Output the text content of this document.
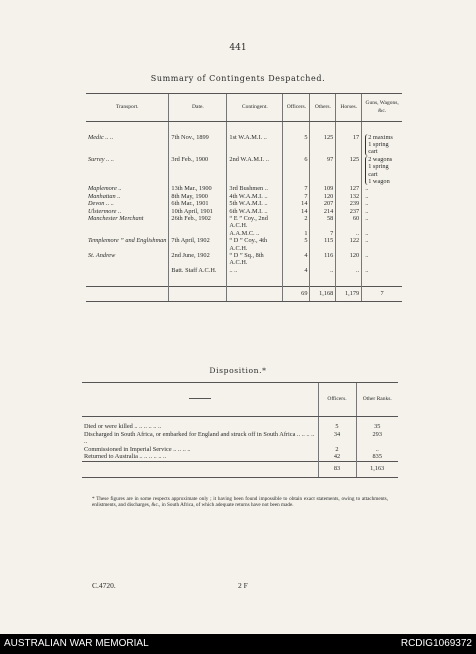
441
Summary of Contingents Despatched.
Transport.	Date.	Contingent.	Officers.	Others.	Horses.	Guns, Wagons, &c.

Medic .. ..	7th Nov., 1899	1st W.A.M.I. ..	5	125	17	2 maxims
1 spring
cart

Surrey .. ..	3rd Feb., 1900	2nd W.A.M.I. ..	6	97	125	2 wagons
1 spring
cart
1 wagon

Maplemore ..	13th Mar., 1900	3rd Bushmen ..	7	109	127	..

Manhattan ..	8th May, 1900	4th W.A.M.I. ..	7	120	132	..

Devon .. ..	6th Mar., 1901	5th W.A.M.I. ..	14	207	239	..

Ulstermore ..	10th April, 1901	6th W.A.M.I. ..	14	214	237	..

Manchester Merchant	26th Feb., 1902	“ E ” Coy., 2nd A.C.H.	2	58	60	..

		A.A.M.C. ..	1	7	..	..

Templemore ” and Englishman	7th April, 1902	“ D ” Coy., 4th A.C.H.	5	115	122	..

St. Andrew	2nd June, 1902	“ D ” Sq., 8th A.C.H.	4	116	120	..

	Batt. Staff A.C.H.	.. ..	4	..	..	..

			69	1,168	1,179	7
Disposition.*
	Officers.	Other Ranks.
Died or were killed .. .. .. .. .. ..	5	35
Discharged in South Africa, or embarked for England and struck off in South Africa .. .. .. .. ..	34	293
Commissioned in Imperial Service .. .. .. ..	2	..
Returned to Australia .. .. .. .. .. ..	42	835
	83	1,163
* These figures are in some respects approximate only ; it having been found impossible to obtain exact statements, owing to attachments, enlistments, and discharges, &c., in South Africa, of which adequate returns have not been made.
C.4720.	2 F
AUSTRALIAN WAR MEMORIAL	RCDIG1069372
